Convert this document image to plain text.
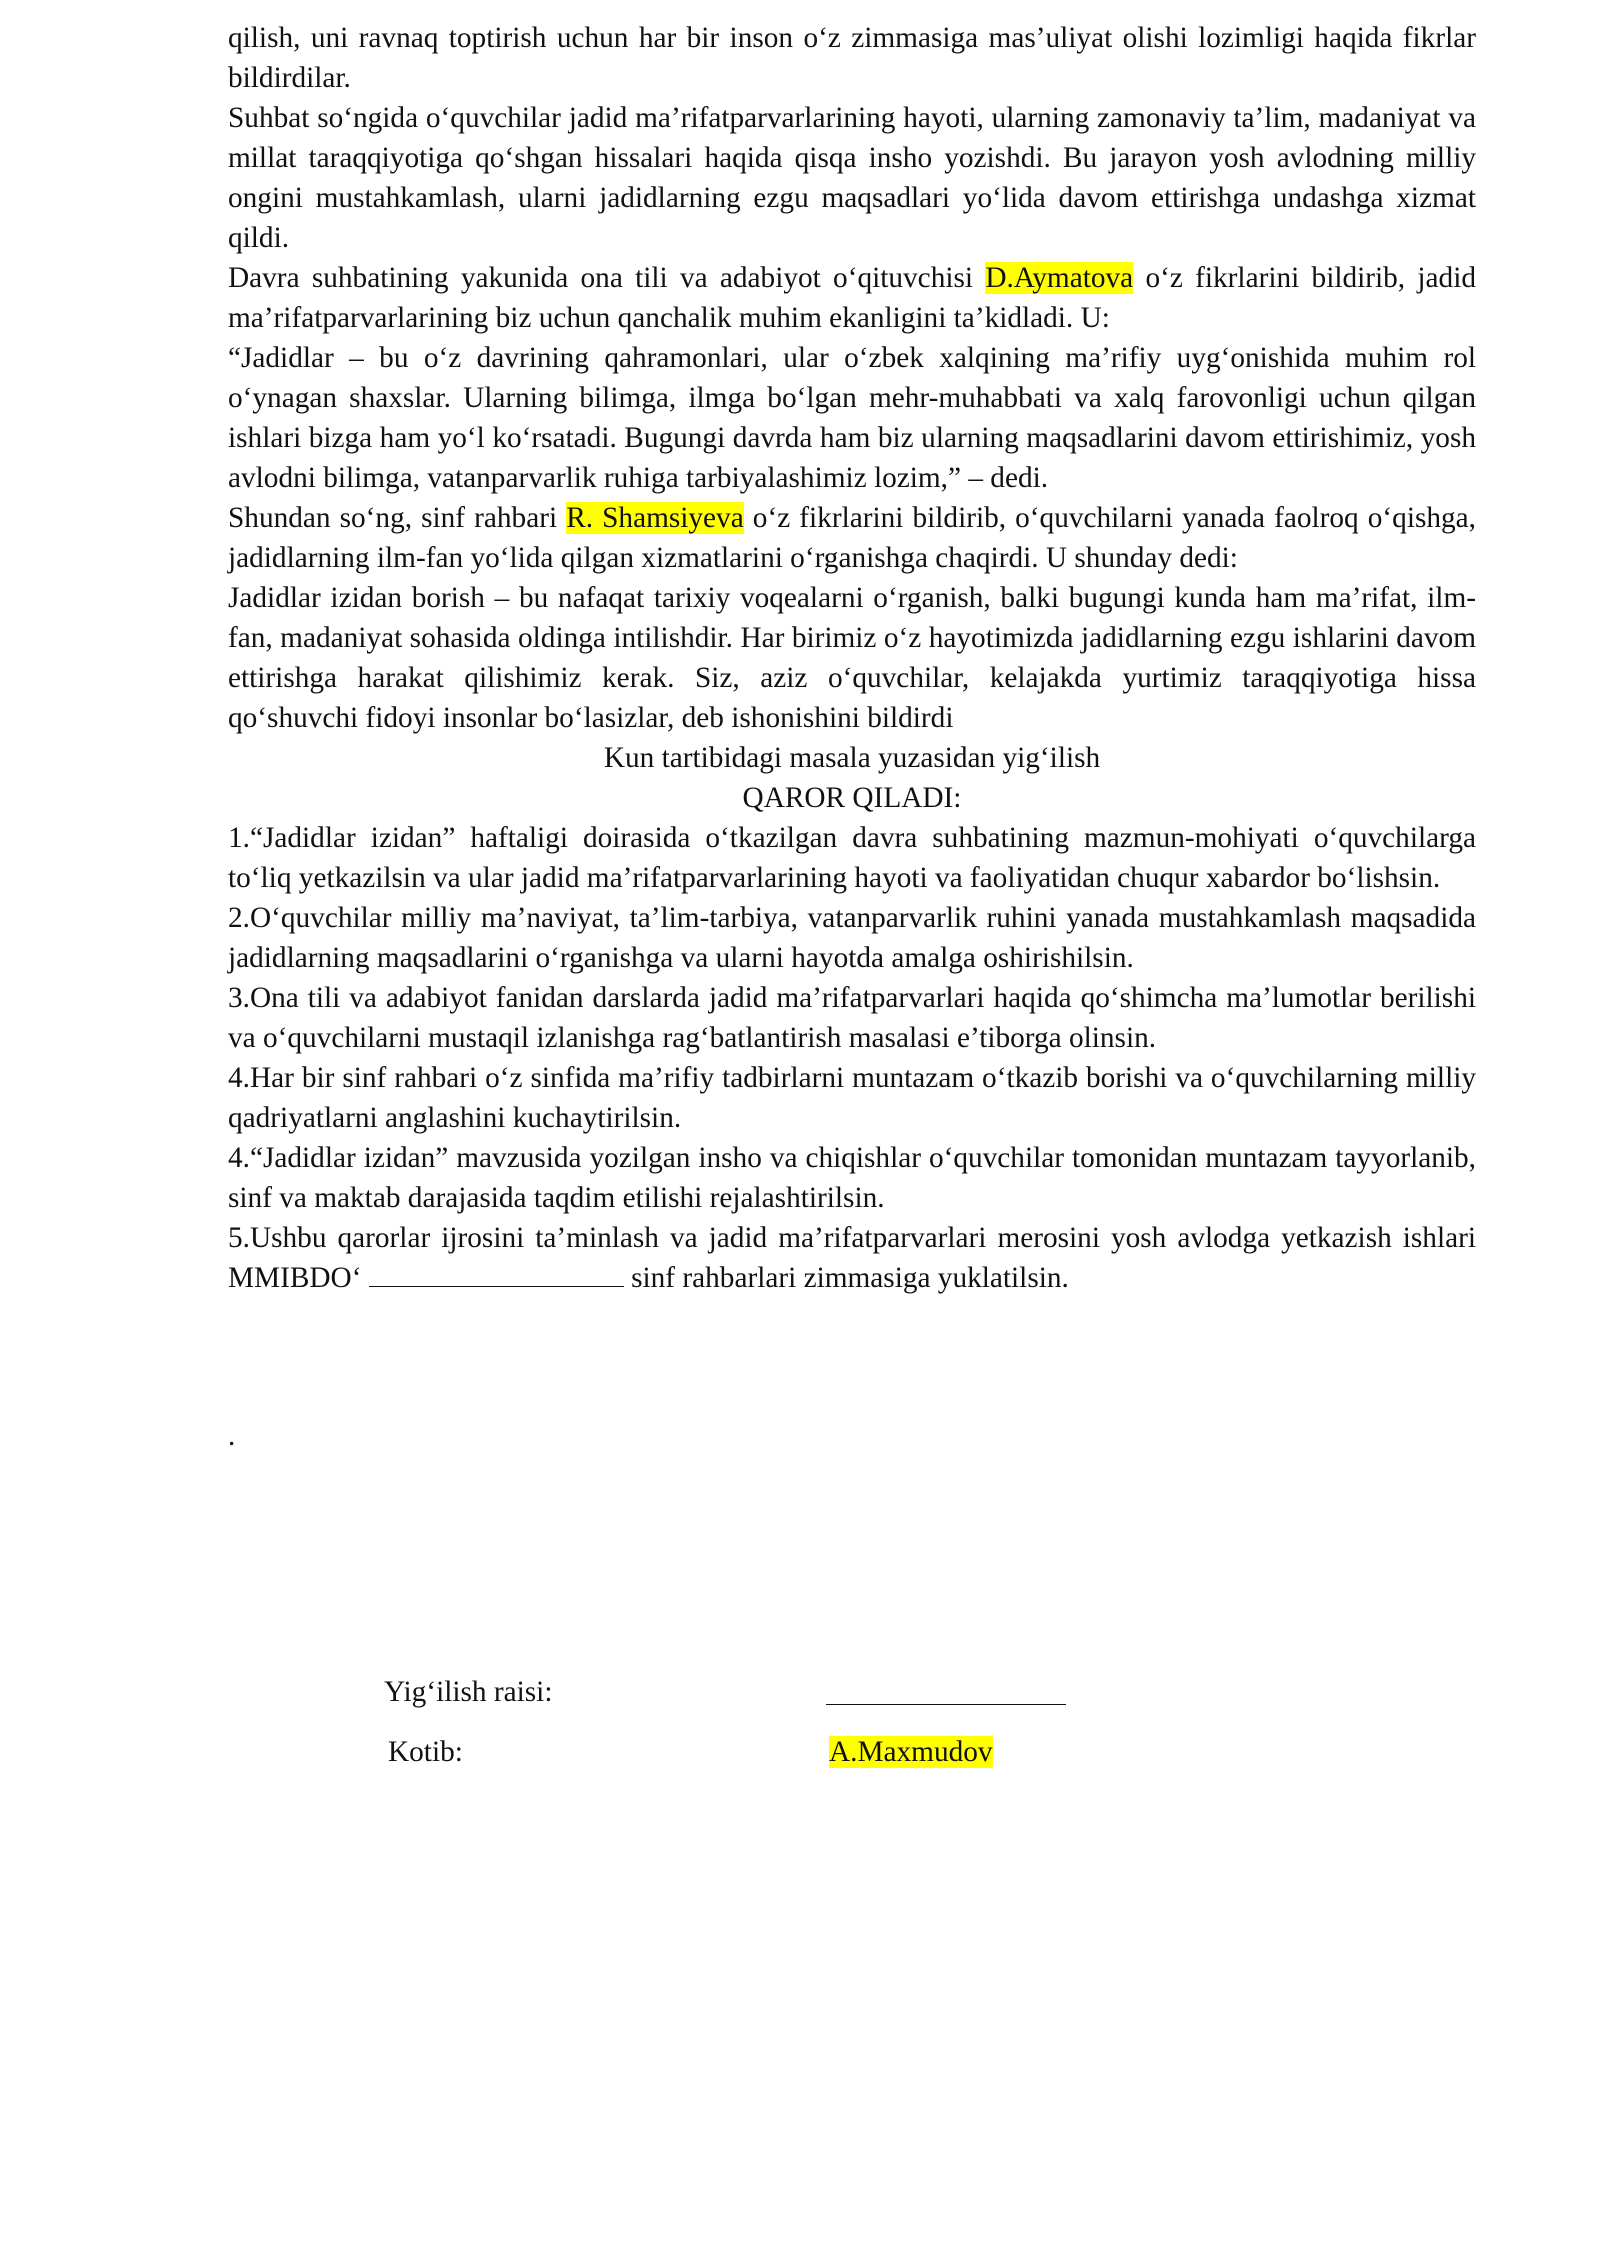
qilish, uni ravnaq toptirish uchun har bir inson o‘z zimmasiga mas’uliyat olishi lozimligi haqida fikrlar bildirdilar.

Suhbat so‘ngida o‘quvchilar jadid ma’rifatparvarlarining hayoti, ularning zamonaviy ta’lim, madaniyat va millat taraqqiyotiga qo‘shgan hissalari haqida qisqa insho yozishdi. Bu jarayon yosh avlodning milliy ongini mustahkamlash, ularni jadidlarning ezgu maqsadlari yo‘lida davom ettirishga undashga xizmat qildi.

Davra suhbatining yakunida ona tili va adabiyot o‘qituvchisi D.Aymatova o‘z fikrlarini bildirib, jadid ma’rifatparvarlarining biz uchun qanchalik muhim ekanligini ta’kidladi. U:

“Jadidlar – bu o‘z davrining qahramonlari, ular o‘zbek xalqining ma’rifiy uyg‘onishida muhim rol o‘ynagan shaxslar. Ularning bilimga, ilmga bo‘lgan mehr-muhabbati va xalq farovonligi uchun qilgan ishlari bizga ham yo‘l ko‘rsatadi. Bugungi davrda ham biz ularning maqsadlarini davom ettirishimiz, yosh avlodni bilimga, vatanparvarlik ruhiga tarbiyalashimiz lozim,” – dedi.

Shundan so‘ng, sinf rahbari R. Shamsiyeva o‘z fikrlarini bildirib, o‘quvchilarni yanada faolroq o‘qishga, jadidlarning ilm-fan yo‘lida qilgan xizmatlarini o‘rganishga chaqirdi. U shunday dedi:

Jadidlar izidan borish – bu nafaqat tarixiy voqealarni o‘rganish, balki bugungi kunda ham ma’rifat, ilm-fan, madaniyat sohasida oldinga intilishdir. Har birimiz o‘z hayotimizda jadidlarning ezgu ishlarini davom ettirishga harakat qilishimiz kerak. Siz, aziz o‘quvchilar, kelajakda yurtimiz taraqqiyotiga hissa qo‘shuvchi fidoyi insonlar bo‘lasizlar, deb ishonishini bildirdi

Kun tartibidagi masala yuzasidan yig‘ilish

QAROR QILADI:

1.“Jadidlar izidan” haftaligi doirasida o‘tkazilgan davra suhbatining mazmun-mohiyati o‘quvchilarga to‘liq yetkazilsin va ular jadid ma’rifatparvarlarining hayoti va faoliyatidan chuqur xabardor bo‘lishsin.

2.O‘quvchilar milliy ma’naviyat, ta’lim-tarbiya, vatanparvarlik ruhini yanada mustahkamlash maqsadida jadidlarning maqsadlarini o‘rganishga va ularni hayotda amalga oshirishilsin.

3.Ona tili va adabiyot fanidan darslarda jadid ma’rifatparvarlari haqida qo‘shimcha ma’lumotlar berilishi va o‘quvchilarni mustaqil izlanishga rag‘batlantirish masalasi e’tiborga olinsin.

4.Har bir sinf rahbari o‘z sinfida ma’rifiy tadbirlarni muntazam o‘tkazib borishi va o‘quvchilarning milliy qadriyatlarni anglashini kuchaytirilsin.

4.“Jadidlar izidan” mavzusida yozilgan insho va chiqishlar o‘quvchilar tomonidan muntazam tayyorlanib, sinf va maktab darajasida taqdim etilishi rejalashtirilsin.

5.Ushbu qarorlar ijrosini ta’minlash va jadid ma’rifatparvarlari merosini yosh avlodga yetkazish ishlari MMIBDO‘	sinf rahbarlari zimmasiga yuklatilsin.

.
Yig‘ilish raisi:
Kotib:	A.Maxmudov
